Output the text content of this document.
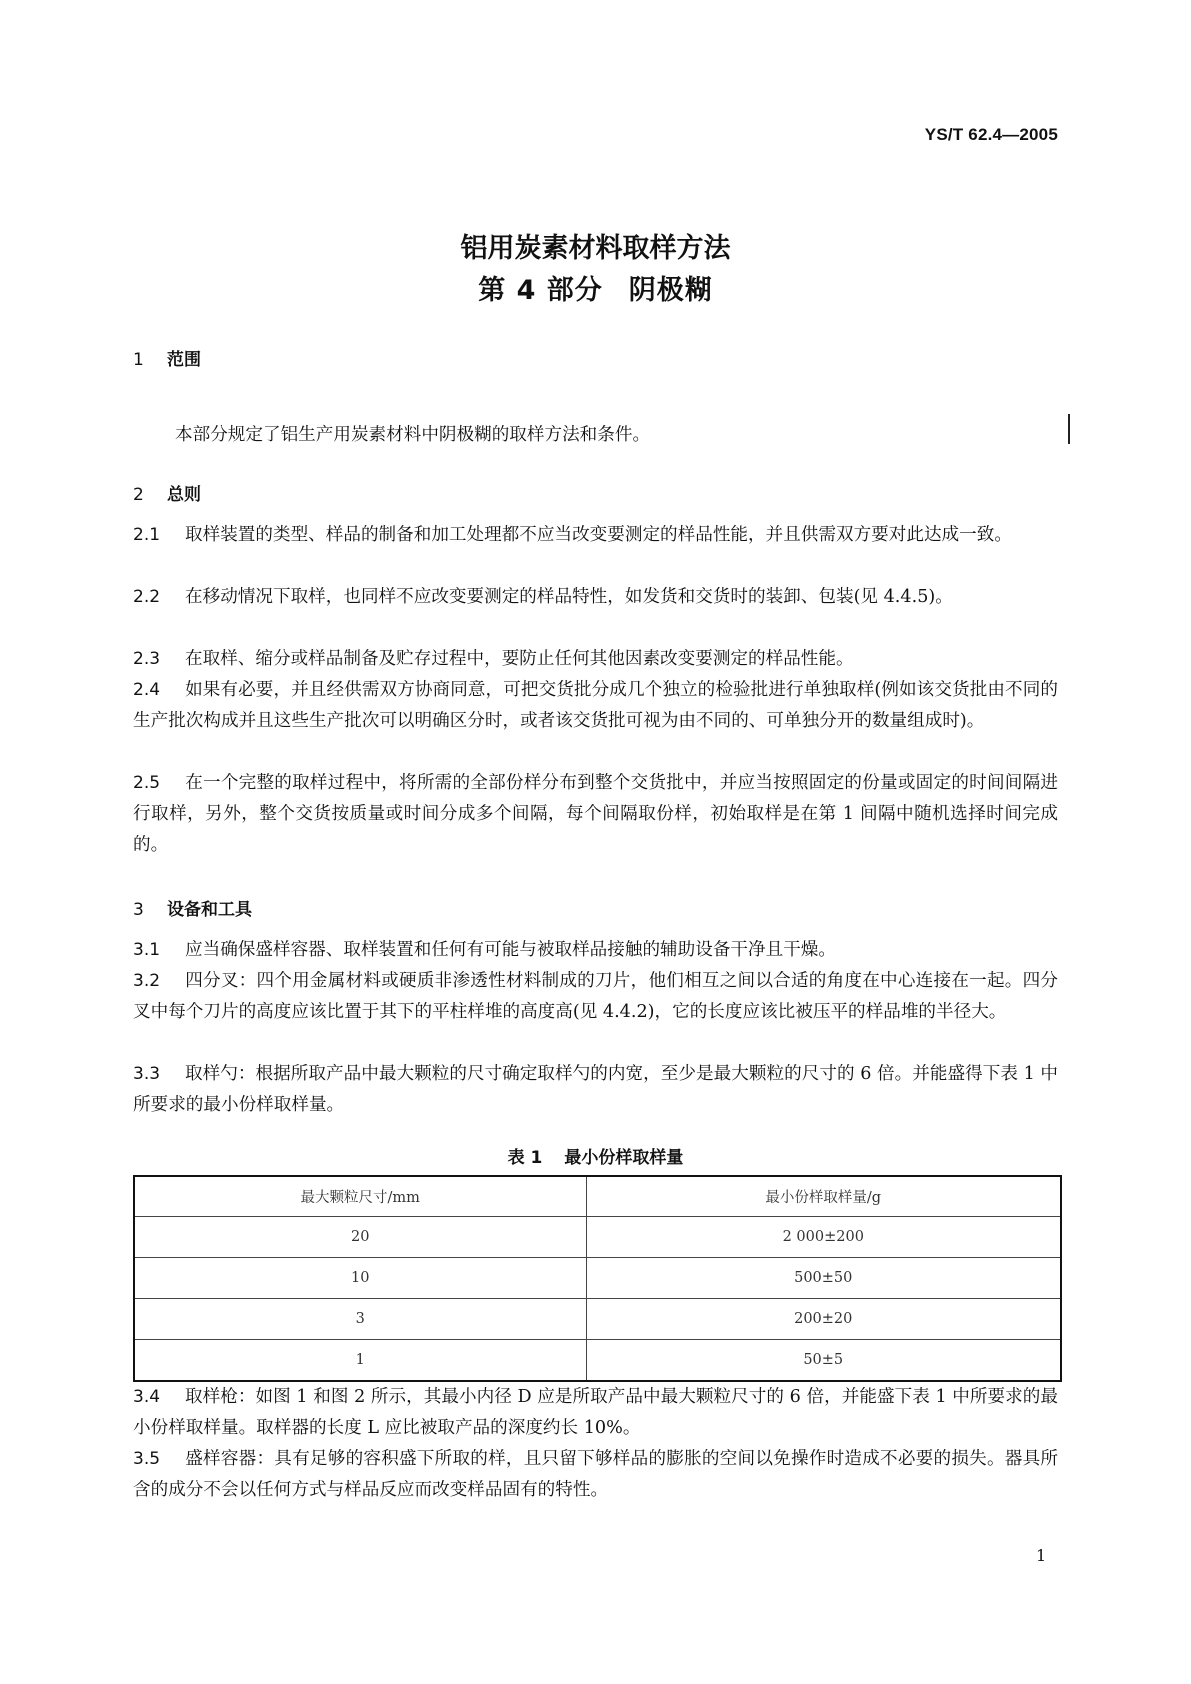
YS/T 62.4—2005
铝用炭素材料取样方法
第 4 部分 阴极糊
1 范围
本部分规定了铝生产用炭素材料中阴极糊的取样方法和条件。
2 总则
2.1 取样装置的类型、样品的制备和加工处理都不应当改变要测定的样品性能，并且供需双方要对此达成一致。
2.2 在移动情况下取样，也同样不应改变要测定的样品特性，如发货和交货时的装卸、包装(见 4.4.5)。
2.3 在取样、缩分或样品制备及贮存过程中，要防止任何其他因素改变要测定的样品性能。
2.4 如果有必要，并且经供需双方协商同意，可把交货批分成几个独立的检验批进行单独取样(例如该交货批由不同的生产批次构成并且这些生产批次可以明确区分时，或者该交货批可视为由不同的、可单独分开的数量组成时)。
2.5 在一个完整的取样过程中，将所需的全部份样分布到整个交货批中，并应当按照固定的份量或固定的时间间隔进行取样，另外，整个交货按质量或时间分成多个间隔，每个间隔取份样，初始取样是在第 1 间隔中随机选择时间完成的。
3 设备和工具
3.1 应当确保盛样容器、取样装置和任何有可能与被取样品接触的辅助设备干净且干燥。
3.2 四分叉：四个用金属材料或硬质非渗透性材料制成的刀片，他们相互之间以合适的角度在中心连接在一起。四分叉中每个刀片的高度应该比置于其下的平柱样堆的高度高(见 4.4.2)，它的长度应该比被压平的样品堆的半径大。
3.3 取样勺：根据所取产品中最大颗粒的尺寸确定取样勺的内宽，至少是最大颗粒的尺寸的 6 倍。并能盛得下表 1 中所要求的最小份样取样量。
表 1 最小份样取样量
最大颗粒尺寸/mm	最小份样取样量/g
20	2 000±200
10	500±50
3	200±20
1	50±5
3.4 取样枪：如图 1 和图 2 所示，其最小内径 D 应是所取产品中最大颗粒尺寸的 6 倍，并能盛下表 1 中所要求的最小份样取样量。取样器的长度 L 应比被取产品的深度约长 10%。
3.5 盛样容器：具有足够的容积盛下所取的样，且只留下够样品的膨胀的空间以免操作时造成不必要的损失。器具所含的成分不会以任何方式与样品反应而改变样品固有的特性。
1
